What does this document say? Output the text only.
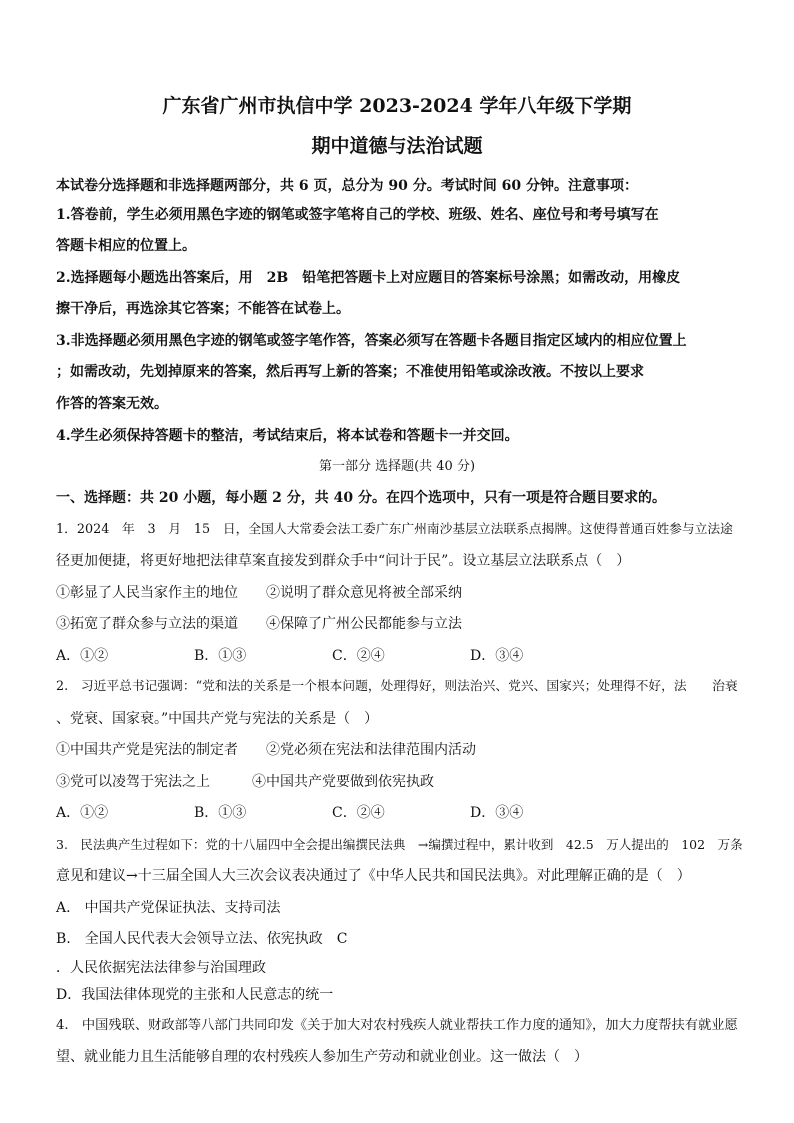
广东省广州市执信中学 2023-2024 学年八年级下学期
期中道德与法治试题
本试卷分选择题和非选择题两部分，共 6 页，总分为 90 分。考试时间 60 分钟。注意事项：
1.答卷前，学生必须用黑色字迹的钢笔或签字笔将自己的学校、班级、姓名、座位号和考号填写在
答题卡相应的位置上。
2.选择题每小题选出答案后，用　2B　铅笔把答题卡上对应题目的答案标号涂黑；如需改动，用橡皮
擦干净后，再选涂其它答案；不能答在试卷上。
3.非选择题必须用黑色字迹的钢笔或签字笔作答，答案必须写在答题卡各题目指定区域内的相应位置上
；如需改动，先划掉原来的答案，然后再写上新的答案；不准使用铅笔或涂改液。不按以上要求
作答的答案无效。
4.学生必须保持答题卡的整洁，考试结束后，将本试卷和答题卡一并交回。
第一部分 选择题(共 40 分)
一、选择题：共 20 小题，每小题 2 分，共 40 分。在四个选项中，只有一项是符合题目要求的。
1．2024　年　3　月　15　日，全国人大常委会法工委广东广州南沙基层立法联系点揭牌。这使得普通百姓参与立法途
径更加便捷，将更好地把法律草案直接发到群众手中“问计于民”。设立基层立法联系点（　）
①彰显了人民当家作主的地位　　②说明了群众意见将被全部采纳
③拓宽了群众参与立法的渠道　　④保障了广州公民都能参与立法
A．①②	B．①③	C．②④	D．③④
2.　习近平总书记强调：“党和法的关系是一个根本问题，处理得好，则法治兴、党兴、国家兴；处理得不好，法　　治衰
、党衰、国家衰。”中国共产党与宪法的关系是（　）
①中国共产党是宪法的制定者　　②党必须在宪法和法律范围内活动
③党可以凌驾于宪法之上　　　④中国共产党要做到依宪执政
A．①②	B．①③	C．②④	D．③④
3.　民法典产生过程如下：党的十八届四中全会提出编撰民法典　→编撰过程中，累计收到　42.5　万人提出的　102　万条
意见和建议→十三届全国人大三次会议表决通过了《中华人民共和国民法典》。对此理解正确的是（　）
A.　中国共产党保证执法、支持司法
B.　全国人民代表大会领导立法、依宪执政　C
．人民依据宪法法律参与治国理政
D．我国法律体现党的主张和人民意志的统一
4.　中国残联、财政部等八部门共同印发《关于加大对农村残疾人就业帮扶工作力度的通知》，加大力度帮扶有就业愿
望、就业能力且生活能够自理的农村残疾人参加生产劳动和就业创业。这一做法（　）
